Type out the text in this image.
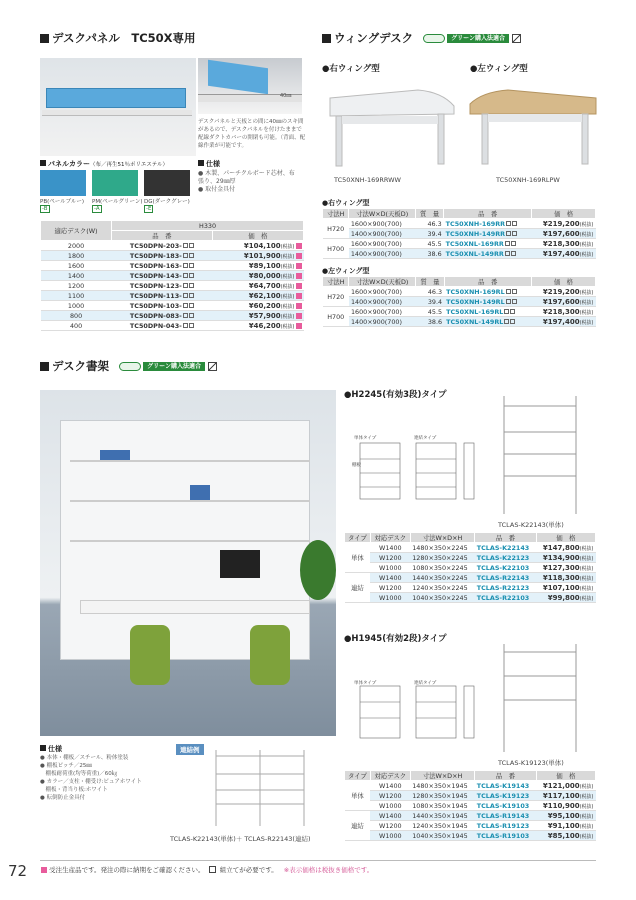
デスクパネル　TC50X専用
40㎜
デスクパネルと天板との間に40㎜のスキ間があるので、デスクパネルを付けたままで配線ダクトカバーの開閉も可能。（背面、配線作業が可能です。
パネルカラー（布／再生51％ポリエステル）
PB(ペールブルー) PM(ペールグリーン) DG(ダークグレー)
-B	-A	-E
仕様
● 木製、パーチクルボード芯材、布張り、29㎜厚
● 取付金具付
適応デスク(W)	H330	
	品　番	価　格
2000	TC50DPN-203-	¥104,100(税抜)
1800	TC50DPN-183-	¥101,900(税抜)
1600	TC50DPN-163-	¥89,100(税抜)
1400	TC50DPN-143-	¥80,000(税抜)
1200	TC50DPN-123-	¥64,700(税抜)
1100	TC50DPN-113-	¥62,100(税抜)
1000	TC50DPN-103-	¥60,200(税抜)
800	TC50DPN-083-	¥57,900(税抜)
400	TC50DPN-043-	¥46,200(税抜)
ウィングデスク	グリーン購入法適合
●右ウィング型	●左ウィング型
TC50XNH-169RRWW	TC50XNH-169RLPW
●右ウィング型
寸法H	寸法W×D(天板D)	質　量	品　番	価　格
H720	1600×900(700)	46.3	TC50XNH-169RR	¥219,200(税抜)
	1400×900(700)	39.4	TC50XNH-149RR	¥197,600(税抜)
H700	1600×900(700)	45.5	TC50XNL-169RR	¥218,300(税抜)
	1400×900(700)	38.6	TC50XNL-149RR	¥197,400(税抜)
●左ウィング型
寸法H	寸法W×D(天板D)	質　量	品　番	価　格
H720	1600×900(700)	46.3	TC50XNH-169RL	¥219,200(税抜)
	1400×900(700)	39.4	TC50XNH-149RL	¥197,600(税抜)
H700	1600×900(700)	45.5	TC50XNL-169RL	¥218,300(税抜)
	1400×900(700)	38.6	TC50XNL-149RL	¥197,400(税抜)
デスク書架	グリーン購入法適合
●H2245(有効3段)タイプ
単体タイプ	連結タイプ
棚板
TCLAS-K22143(単体)
タイプ	対応デスク	寸法W×D×H	品　番	価　格
単体	W1400	1480×350×2245	TCLAS-K22143	¥147,800(税抜)
	W1200	1280×350×2245	TCLAS-K22123	¥134,900(税抜)
	W1000	1080×350×2245	TCLAS-K22103	¥127,300(税抜)
連結	W1400	1440×350×2245	TCLAS-R22143	¥118,300(税抜)
	W1200	1240×350×2245	TCLAS-R22123	¥107,100(税抜)
	W1000	1040×350×2245	TCLAS-R22103	¥99,800(税抜)
●H1945(有効2段)タイプ
単体タイプ	連結タイプ
TCLAS-K19123(単体)
タイプ	対応デスク	寸法W×D×H	品　番	価　格
単体	W1400	1480×350×1945	TCLAS-K19143	¥121,000(税抜)
	W1200	1280×350×1945	TCLAS-K19123	¥117,100(税抜)
	W1000	1080×350×1945	TCLAS-K19103	¥110,900(税抜)
連結	W1400	1440×350×1945	TCLAS-R19143	¥95,100(税抜)
	W1200	1240×350×1945	TCLAS-R19123	¥91,100(税抜)
	W1000	1040×350×1945	TCLAS-R19103	¥85,100(税抜)
仕様
● 本体・棚板／スチール、粉体塗装
● 棚板ピッチ／25㎜
　棚板耐荷重(均等荷重)／60㎏
● カラー／支柱・棚受け:ピュアホワイト
　棚板・背当り板:ホワイト
● 転倒防止金具付
連結例
TCLAS-K22143(単体)＋ TCLAS-R22143(連結)
72	受注生産品です。発注の際に納期をご確認ください。 組立てが必要です。 ※表示価格は税抜き価格です。
